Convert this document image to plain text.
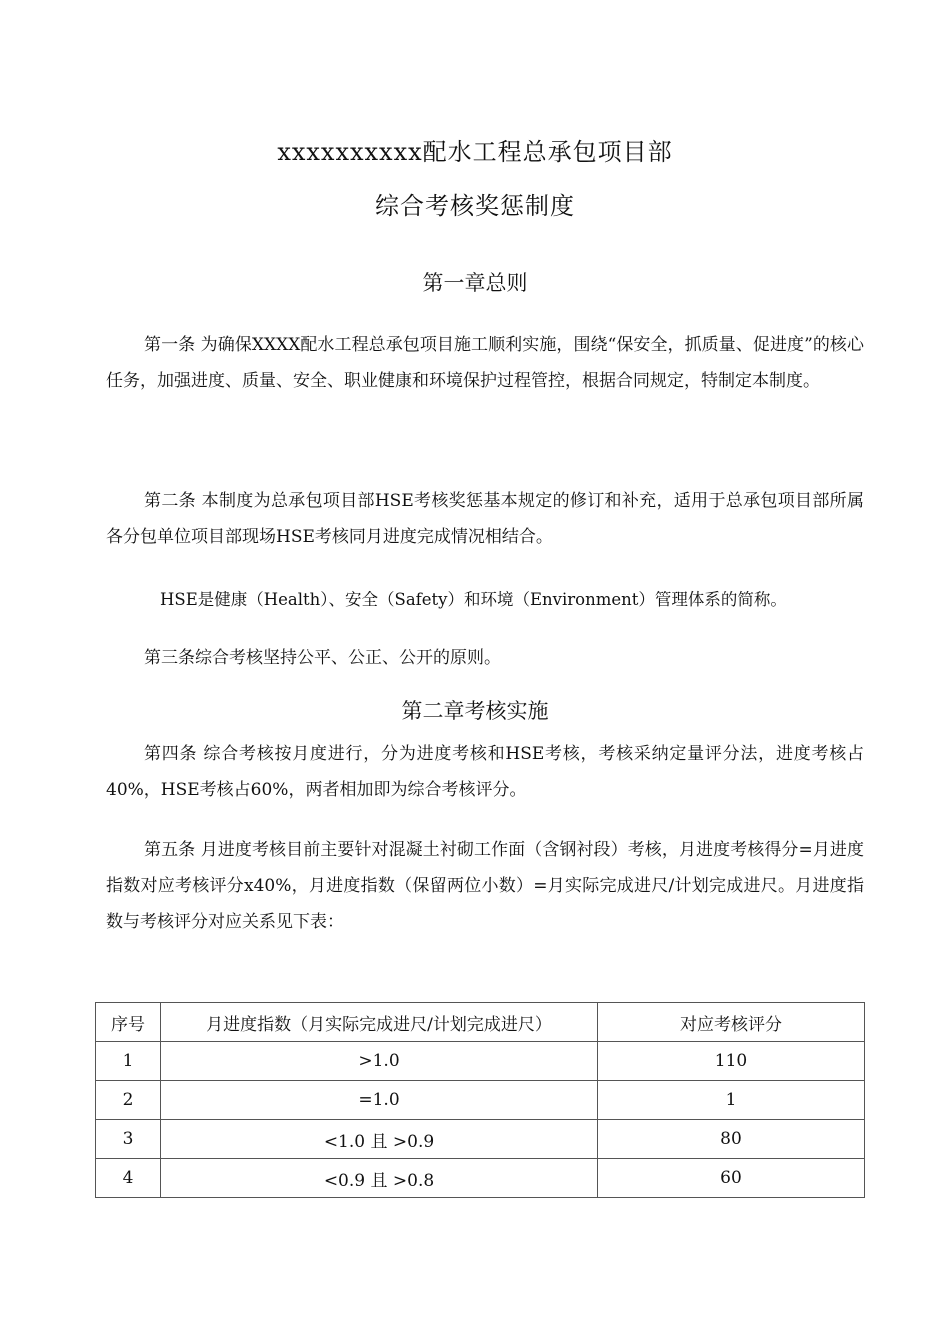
xxxxxxxxxx配水工程总承包项目部
综合考核奖惩制度
第一章总则

第一条 为确保XXXX配水工程总承包项目施工顺利实施，围绕“保安全，抓质量、促进度”的核心任务，加强进度、质量、安全、职业健康和环境保护过程管控，根据合同规定，特制定本制度。

第二条 本制度为总承包项目部HSE考核奖惩基本规定的修订和补充，适用于总承包项目部所属各分包单位项目部现场HSE考核同月进度完成情况相结合。

HSE是健康（Health）、安全（Safety）和环境（Environment）管理体系的简称。

第三条综合考核坚持公平、公正、公开的原则。

第二章考核实施

第四条 综合考核按月度进行，分为进度考核和HSE考核，考核采纳定量评分法，进度考核占40%，HSE考核占60%，两者相加即为综合考核评分。

第五条 月进度考核目前主要针对混凝土衬砌工作面（含钢衬段）考核，月进度考核得分=月进度指数对应考核评分x40%，月进度指数（保留两位小数）=月实际完成进尺/计划完成进尺。月进度指数与考核评分对应关系见下表：

序号	月进度指数（月实际完成进尺/计划完成进尺）	对应考核评分
1	>1.0	110
2	=1.0	1
3	<1.0 且 >0.9	80
4	<0.9 且 >0.8	60
